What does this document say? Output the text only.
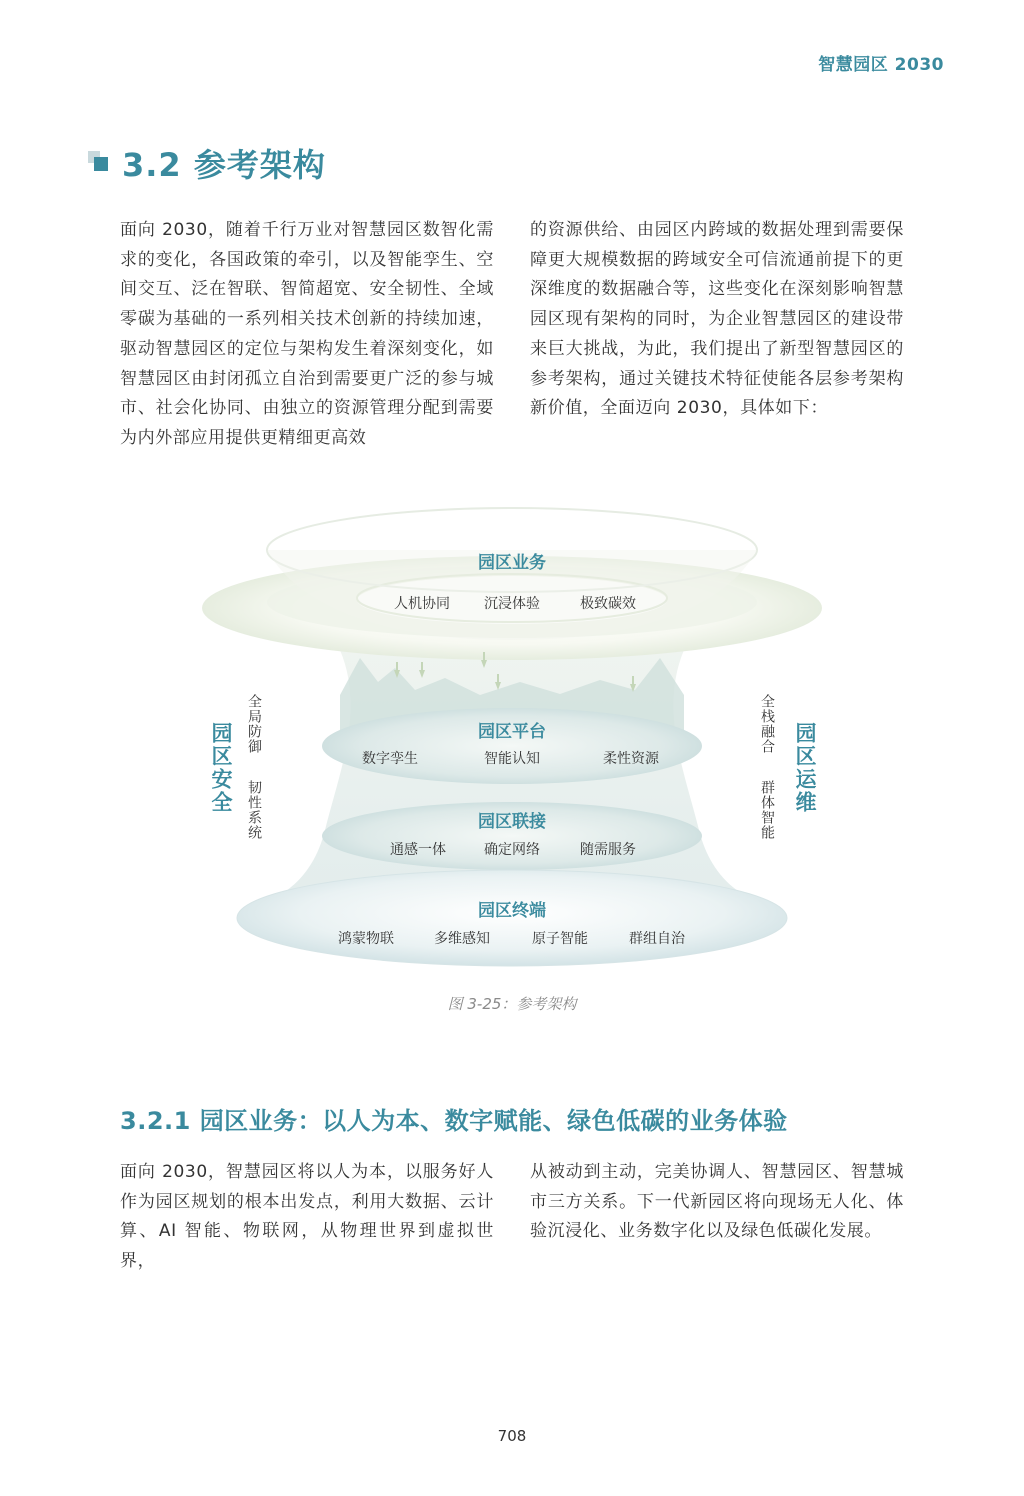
智慧园区 2030
3.2 参考架构

面向 2030，随着千行万业对智慧园区数智化需求的变化，各国政策的牵引，以及智能孪生、空间交互、泛在智联、智简超宽、安全韧性、全域零碳为基础的一系列相关技术创新的持续加速，驱动智慧园区的定位与架构发生着深刻变化，如智慧园区由封闭孤立自治到需要更广泛的参与城市、社会化协同、由独立的资源管理分配到需要为内外部应用提供更精细更高效

的资源供给、由园区内跨域的数据处理到需要保障更大规模数据的跨域安全可信流通前提下的更深维度的数据融合等，这些变化在深刻影响智慧园区现有架构的同时，为企业智慧园区的建设带来巨大挑战，为此，我们提出了新型智慧园区的参考架构，通过关键技术特征使能各层参考架构新价值，全面迈向 2030，具体如下：

园区业务
人机协同 沉浸体验	极致碳效
园区平台
数字孪生	智能认知	柔性资源
园区联接
通感一体	确定网络	随需服务
园区终端
鸿蒙物联	多维感知	原子智能	群组自治
园区安全 全局防御
韧性系统	园区运维
全栈融合
群体智能
图 3-25：参考架构
3.2.1 园区业务：以人为本、数字赋能、绿色低碳的业务体验

面向 2030，智慧园区将以人为本，以服务好人作为园区规划的根本出发点，利用大数据、云计算、AI 智能、物联网，从物理世界到虚拟世界，

从被动到主动，完美协调人、智慧园区、智慧城市三方关系。下一代新园区将向现场无人化、体验沉浸化、业务数字化以及绿色低碳化发展。

708
